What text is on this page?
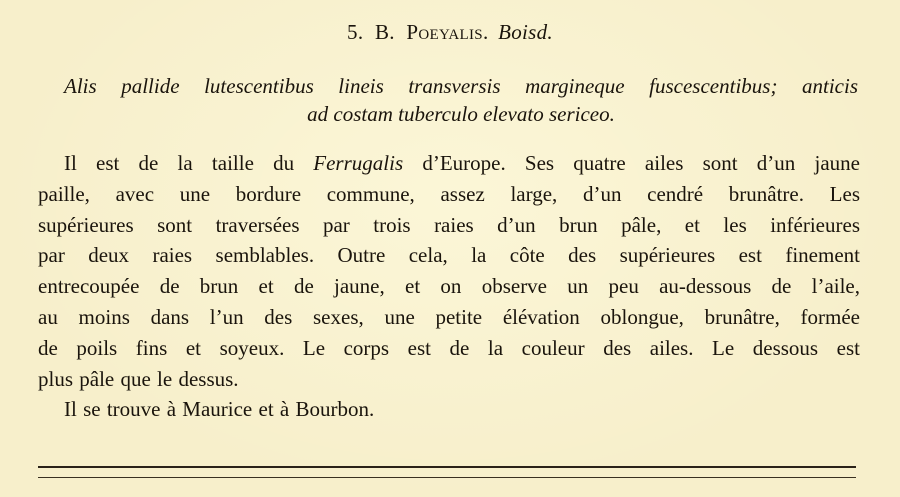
5. B. Poeyalis. Boisd.
Alis pallide lutescentibus lineis transversis margineque fuscescentibus; anticis
ad costam tuberculo elevato sericeo.
Il est de la taille du Ferrugalis d’Europe. Ses quatre ailes sont d’un jaune
paille, avec une bordure commune, assez large, d’un cendré brunâtre. Les
supérieures sont traversées par trois raies d’un brun pâle, et les inférieures
par deux raies semblables. Outre cela, la côte des supérieures est finement
entrecoupée de brun et de jaune, et on observe un peu au-dessous de l’aile,
au moins dans l’un des sexes, une petite élévation oblongue, brunâtre, formée
de poils fins et soyeux. Le corps est de la couleur des ailes. Le dessous est
plus pâle que le dessus.
Il se trouve à Maurice et à Bourbon.
